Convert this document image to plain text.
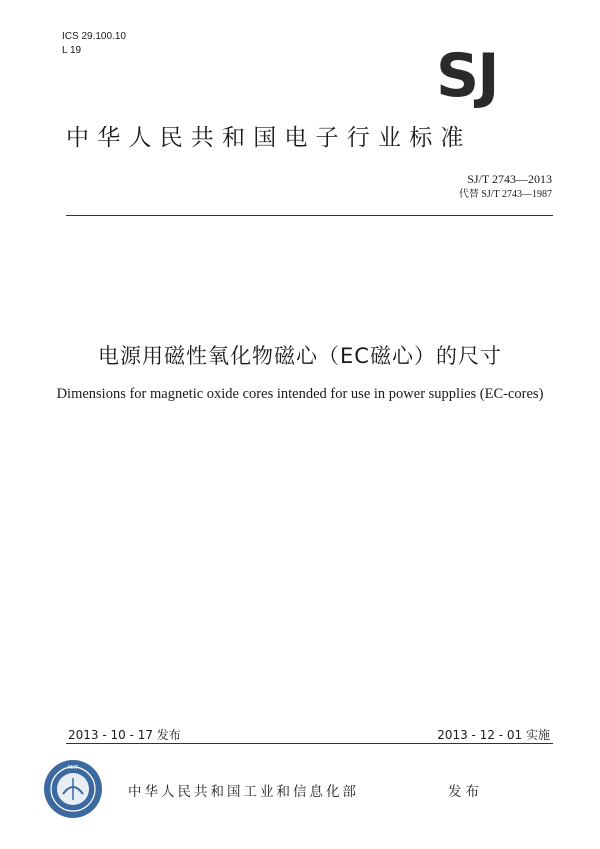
ICS 29.100.10
L 19	SJ
中华人民共和国电子行业标准
SJ/T 2743—2013
代替 SJ/T 2743—1987
电源用磁性氧化物磁心（EC磁心）的尺寸
Dimensions for magnetic oxide cores intended for use in power supplies (EC-cores)
2013 - 10 - 17 发布	2013 - 12 - 01 实施
MIIT
中华人民共和国工业和信息化部	发布
